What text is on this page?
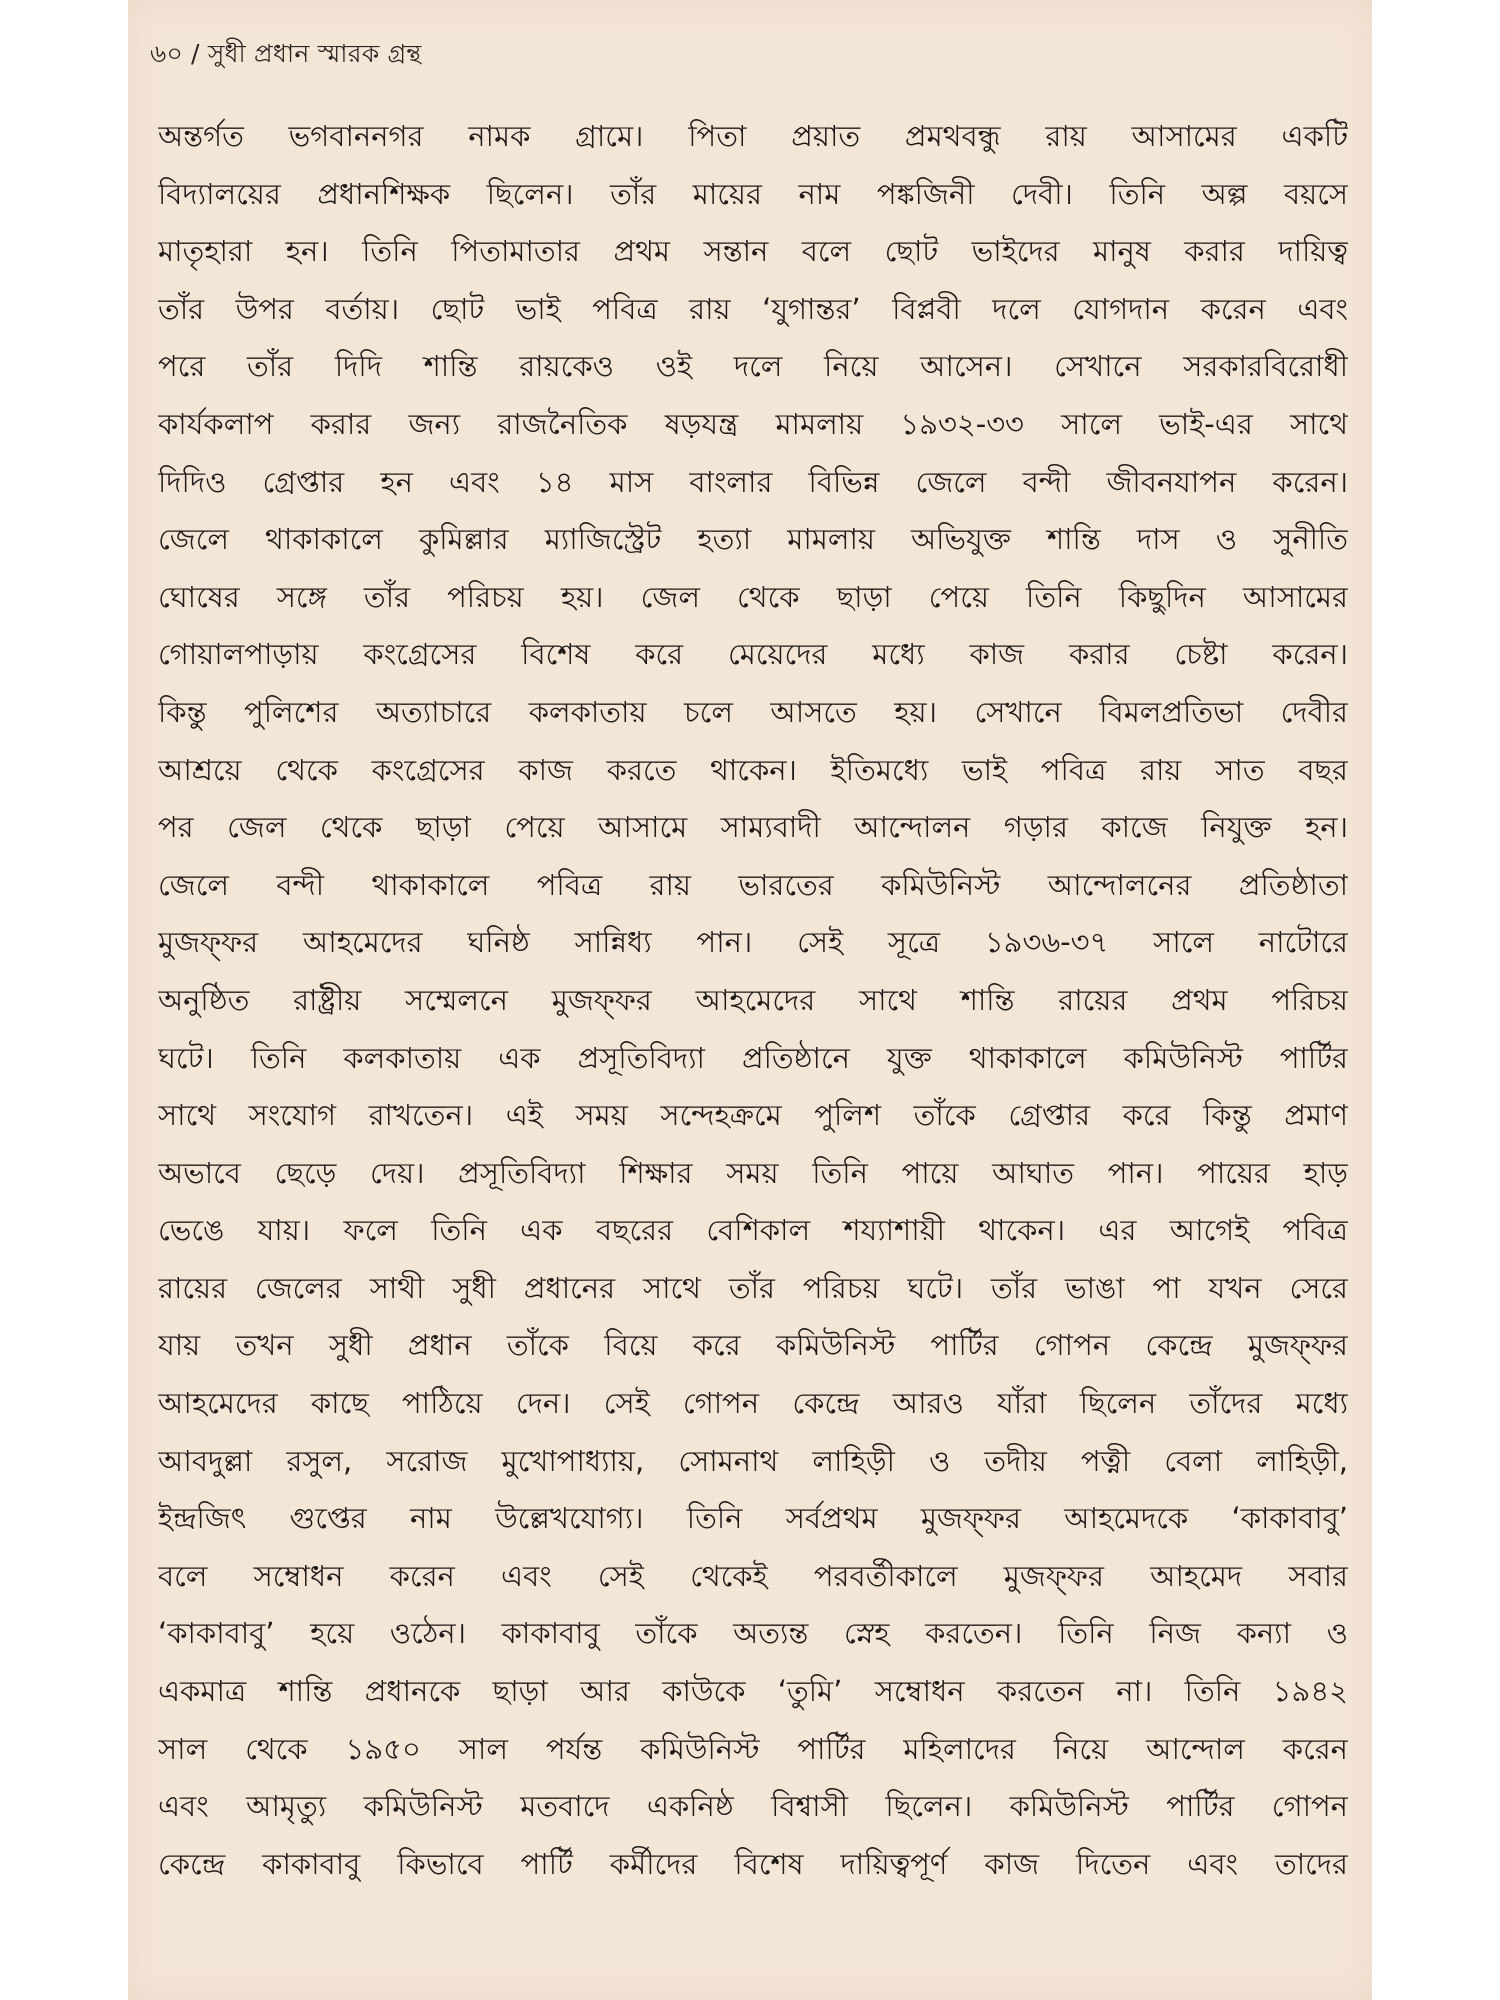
৬০ / সুধী প্রধান স্মারক গ্রন্থ
অন্তর্গত ভগবাননগর নামক গ্রামে। পিতা প্রয়াত প্রমথবন্ধু রায় আসামের একটি
বিদ্যালয়ের প্রধানশিক্ষক ছিলেন। তাঁর মায়ের নাম পঙ্কজিনী দেবী। তিনি অল্প বয়সে
মাতৃহারা হন। তিনি পিতামাতার প্রথম সন্তান বলে ছোট ভাইদের মানুষ করার দায়িত্ব
তাঁর উপর বর্তায়। ছোট ভাই পবিত্র রায় ‘যুগান্তর’ বিপ্লবী দলে যোগদান করেন এবং
পরে তাঁর দিদি শান্তি রায়কেও ওই দলে নিয়ে আসেন। সেখানে সরকারবিরোধী
কার্যকলাপ করার জন্য রাজনৈতিক ষড়যন্ত্র মামলায় ১৯৩২-৩৩ সালে ভাই-এর সাথে
দিদিও গ্রেপ্তার হন এবং ১৪ মাস বাংলার বিভিন্ন জেলে বন্দী জীবনযাপন করেন।
জেলে থাকাকালে কুমিল্লার ম্যাজিস্ট্রেট হত্যা মামলায় অভিযুক্ত শান্তি দাস ও সুনীতি
ঘোষের সঙ্গে তাঁর পরিচয় হয়। জেল থেকে ছাড়া পেয়ে তিনি কিছুদিন আসামের
গোয়ালপাড়ায় কংগ্রেসের বিশেষ করে মেয়েদের মধ্যে কাজ করার চেষ্টা করেন।
কিন্তু পুলিশের অত্যাচারে কলকাতায় চলে আসতে হয়। সেখানে বিমলপ্রতিভা দেবীর
আশ্রয়ে থেকে কংগ্রেসের কাজ করতে থাকেন। ইতিমধ্যে ভাই পবিত্র রায় সাত বছর
পর জেল থেকে ছাড়া পেয়ে আসামে সাম্যবাদী আন্দোলন গড়ার কাজে নিযুক্ত হন।
জেলে বন্দী থাকাকালে পবিত্র রায় ভারতের কমিউনিস্ট আন্দোলনের প্রতিষ্ঠাতা
মুজফ্ফর আহমেদের ঘনিষ্ঠ সান্নিধ্য পান। সেই সূত্রে ১৯৩৬-৩৭ সালে নাটোরে
অনুষ্ঠিত রাষ্ট্রীয় সম্মেলনে মুজফ্ফর আহমেদের সাথে শান্তি রায়ের প্রথম পরিচয়
ঘটে। তিনি কলকাতায় এক প্রসূতিবিদ্যা প্রতিষ্ঠানে যুক্ত থাকাকালে কমিউনিস্ট পার্টির
সাথে সংযোগ রাখতেন। এই সময় সন্দেহক্রমে পুলিশ তাঁকে গ্রেপ্তার করে কিন্তু প্রমাণ
অভাবে ছেড়ে দেয়। প্রসূতিবিদ্যা শিক্ষার সময় তিনি পায়ে আঘাত পান। পায়ের হাড়
ভেঙে যায়। ফলে তিনি এক বছরের বেশিকাল শয্যাশায়ী থাকেন। এর আগেই পবিত্র
রায়ের জেলের সাথী সুধী প্রধানের সাথে তাঁর পরিচয় ঘটে। তাঁর ভাঙা পা যখন সেরে
যায় তখন সুধী প্রধান তাঁকে বিয়ে করে কমিউনিস্ট পার্টির গোপন কেন্দ্রে মুজফ্ফর
আহমেদের কাছে পাঠিয়ে দেন। সেই গোপন কেন্দ্রে আরও যাঁরা ছিলেন তাঁদের মধ্যে
আবদুল্লা রসুল, সরোজ মুখোপাধ্যায়, সোমনাথ লাহিড়ী ও তদীয় পত্নী বেলা লাহিড়ী,
ইন্দ্রজিৎ গুপ্তের নাম উল্লেখযোগ্য। তিনি সর্বপ্রথম মুজফ্ফর আহমেদকে ‘কাকাবাবু’
বলে সম্বোধন করেন এবং সেই থেকেই পরবর্তীকালে মুজফ্ফর আহমেদ সবার
‘কাকাবাবু’ হয়ে ওঠেন। কাকাবাবু তাঁকে অত্যন্ত স্নেহ করতেন। তিনি নিজ কন্যা ও
একমাত্র শান্তি প্রধানকে ছাড়া আর কাউকে ‘তুমি’ সম্বোধন করতেন না। তিনি ১৯৪২
সাল থেকে ১৯৫০ সাল পর্যন্ত কমিউনিস্ট পার্টির মহিলাদের নিয়ে আন্দোল করেন
এবং আমৃত্যু কমিউনিস্ট মতবাদে একনিষ্ঠ বিশ্বাসী ছিলেন। কমিউনিস্ট পার্টির গোপন
কেন্দ্রে কাকাবাবু কিভাবে পার্টি কর্মীদের বিশেষ দায়িত্বপূর্ণ কাজ দিতেন এবং তাদের
